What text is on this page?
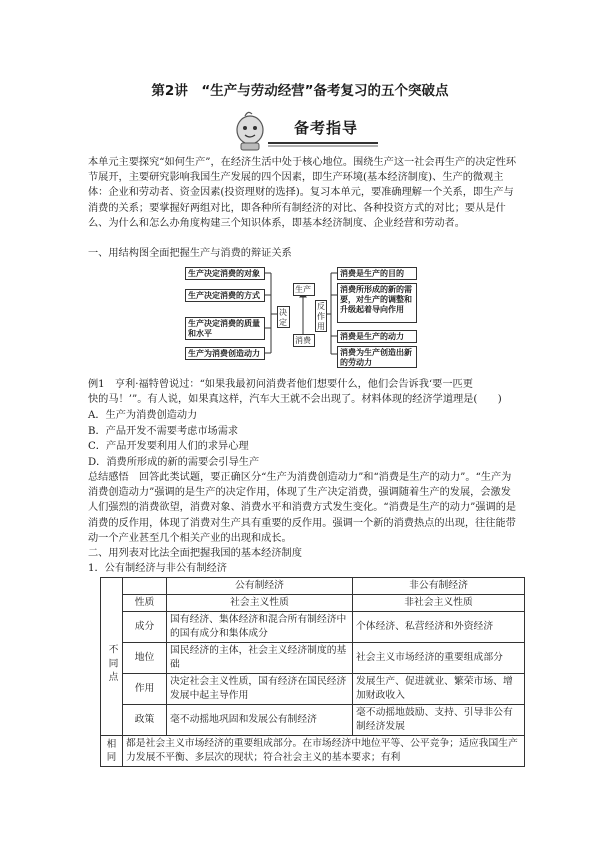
第2讲　“生产与劳动经营”备考复习的五个突破点
备考指导
本单元主要探究“如何生产”，在经济生活中处于核心地位。围绕生产这一社会再生产的决定性环节展开，主要研究影响我国生产发展的四个因素，即生产环境(基本经济制度)、生产的微观主体：企业和劳动者、资金因素(投资理财的选择)。复习本单元，要准确理解一个关系，即生产与消费的关系；要掌握好两组对比，即各种所有制经济的对比、各种投资方式的对比；要从是什么、为什么和怎么办角度构建三个知识体系，即基本经济制度、企业经营和劳动者。
一、用结构图全面把握生产与消费的辩证关系
生产决定消费的对象
生产决定消费的方式
生产决定消费的质量和水平
生产为消费创造动力
决定
生产
消费
反作用
消费是生产的目的
消费所形成的新的需要，对生产的调整和升级起着导向作用
消费是生产的动力
消费为生产创造出新的劳动力
例1　亨利·福特曾说过：“如果我最初问消费者他们想要什么，他们会告诉我‘要一匹更
快的马！’”。有人说，如果真这样，汽车大王就不会出现了。材料体现的经济学道理是(　　)
A．生产为消费创造动力
B．产品开发不需要考虑市场需求
C．产品开发要利用人们的求异心理
D．消费所形成的新的需要会引导生产
总结感悟　回答此类试题，要正确区分“生产为消费创造动力”和“消费是生产的动力”。“生产为消费创造动力”强调的是生产的决定作用，体现了生产决定消费，强调随着生产的发展，会激发人们强烈的消费欲望，消费对象、消费水平和消费方式发生变化。“消费是生产的动力”强调的是消费的反作用，体现了消费对生产具有重要的反作用。强调一个新的消费热点的出现，往往能带动一个产业甚至几个相关产业的出现和成长。
二、用列表对比法全面把握我国的基本经济制度
1．公有制经济与非公有制经济
		公有制经济	非公有制经济
不同点	性质	社会主义性质	非社会主义性质
	成分	国有经济、集体经济和混合所有制经济中的国有成分和集体成分	个体经济、私营经济和外资经济
	地位	国民经济的主体，社会主义经济制度的基础	社会主义市场经济的重要组成部分
	作用	决定社会主义性质，国有经济在国民经济发展中起主导作用	发展生产、促进就业、繁荣市场、增加财政收入
	政策	毫不动摇地巩固和发展公有制经济	毫不动摇地鼓励、支持、引导非公有制经济发展
相同	都是社会主义市场经济的重要组成部分。在市场经济中地位平等、公平竞争；适应我国生产力发展不平衡、多层次的现状；符合社会主义的基本要求；有利		
